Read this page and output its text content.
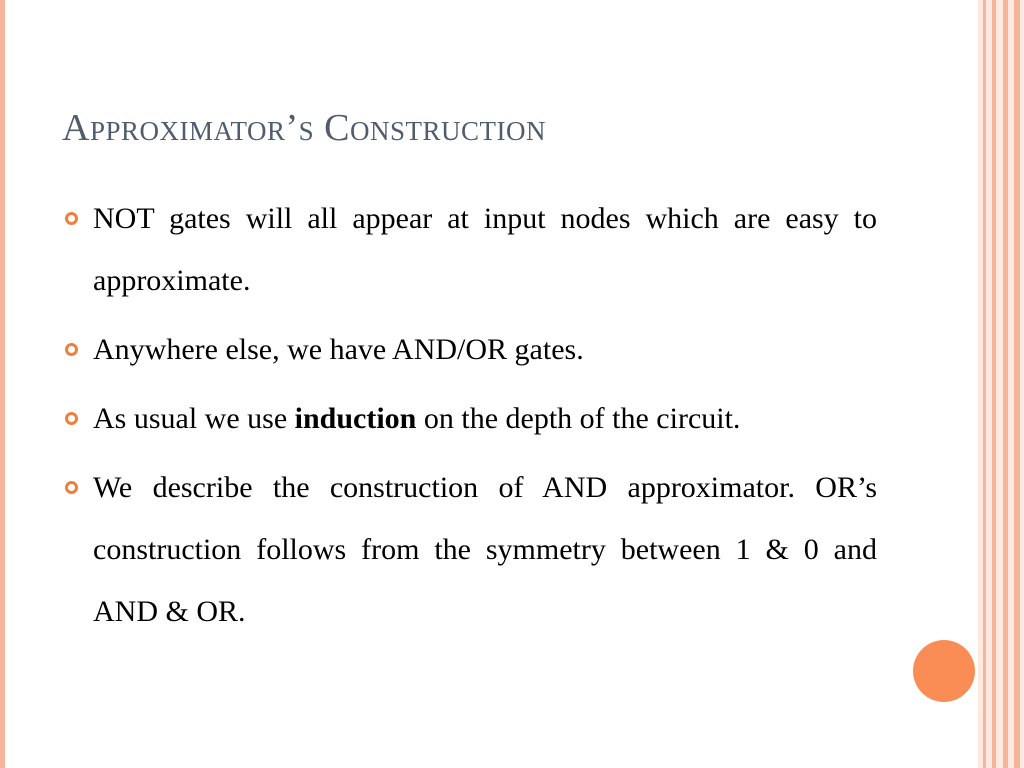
Approximator’s Construction
NOT gates will all appear at input nodes which are easy to approximate.
Anywhere else, we have AND/OR gates.
As usual we use induction on the depth of the circuit.
We describe the construction of AND approximator. OR’s construction follows from the symmetry between 1 & 0 and AND & OR.
